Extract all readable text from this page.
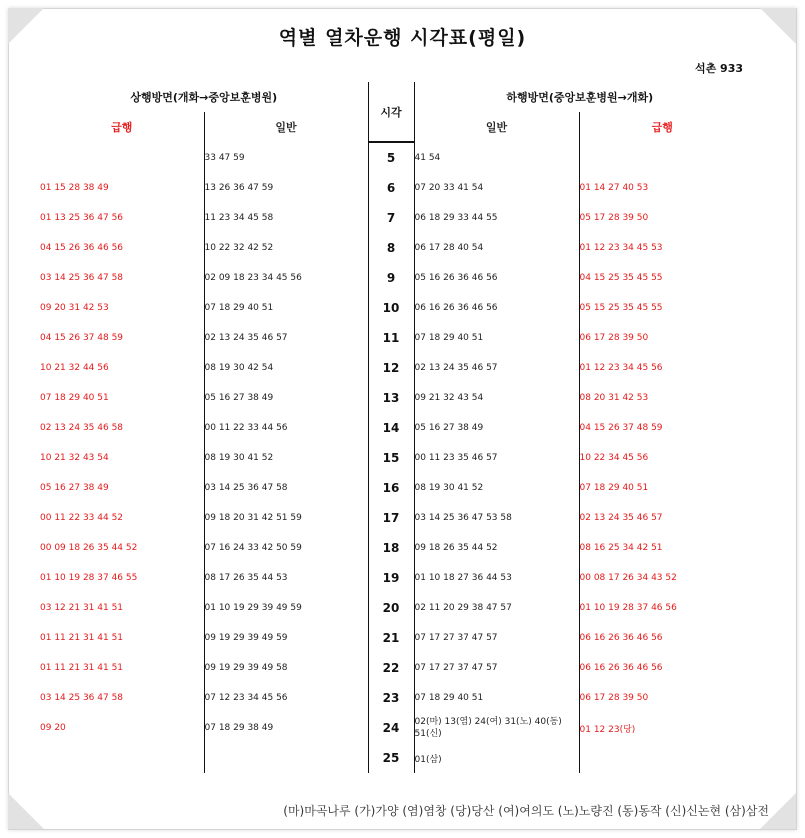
역별 열차운행 시각표(평일)
석촌 933
상행방면(개화→중앙보훈병원)		시각	하행방면(중앙보훈병원→개화)	
급행	일반		일반	급행
	33 47 59	5	41 54	
01 15 28 38 49	13 26 36 47 59	6	07 20 33 41 54	01 14 27 40 53
01 13 25 36 47 56	11 23 34 45 58	7	06 18 29 33 44 55	05 17 28 39 50
04 15 26 36 46 56	10 22 32 42 52	8	06 17 28 40 54	01 12 23 34 45 53
03 14 25 36 47 58	02 09 18 23 34 45 56	9	05 16 26 36 46 56	04 15 25 35 45 55
09 20 31 42 53	07 18 29 40 51	10	06 16 26 36 46 56	05 15 25 35 45 55
04 15 26 37 48 59	02 13 24 35 46 57	11	07 18 29 40 51	06 17 28 39 50
10 21 32 44 56	08 19 30 42 54	12	02 13 24 35 46 57	01 12 23 34 45 56
07 18 29 40 51	05 16 27 38 49	13	09 21 32 43 54	08 20 31 42 53
02 13 24 35 46 58	00 11 22 33 44 56	14	05 16 27 38 49	04 15 26 37 48 59
10 21 32 43 54	08 19 30 41 52	15	00 11 23 35 46 57	10 22 34 45 56
05 16 27 38 49	03 14 25 36 47 58	16	08 19 30 41 52	07 18 29 40 51
00 11 22 33 44 52	09 18 20 31 42 51 59	17	03 14 25 36 47 53 58	02 13 24 35 46 57
00 09 18 26 35 44 52	07 16 24 33 42 50 59	18	09 18 26 35 44 52	08 16 25 34 42 51
01 10 19 28 37 46 55	08 17 26 35 44 53	19	01 10 18 27 36 44 53	00 08 17 26 34 43 52
03 12 21 31 41 51	01 10 19 29 39 49 59	20	02 11 20 29 38 47 57	01 10 19 28 37 46 56
01 11 21 31 41 51	09 19 29 39 49 59	21	07 17 27 37 47 57	06 16 26 36 46 56
01 11 21 31 41 51	09 19 29 39 49 58	22	07 17 27 37 47 57	06 16 26 36 46 56
03 14 25 36 47 58	07 12 23 34 45 56	23	07 18 29 40 51	06 17 28 39 50
09 20	07 18 29 38 49	24	02(마) 13(염) 24(여) 31(노) 40(동) 51(신)	01 12 23(당)
		25	01(삼)	
(마)마곡나루 (가)가양 (염)염창 (당)당산 (여)여의도 (노)노량진 (동)동작 (신)신논현 (삼)삼전
